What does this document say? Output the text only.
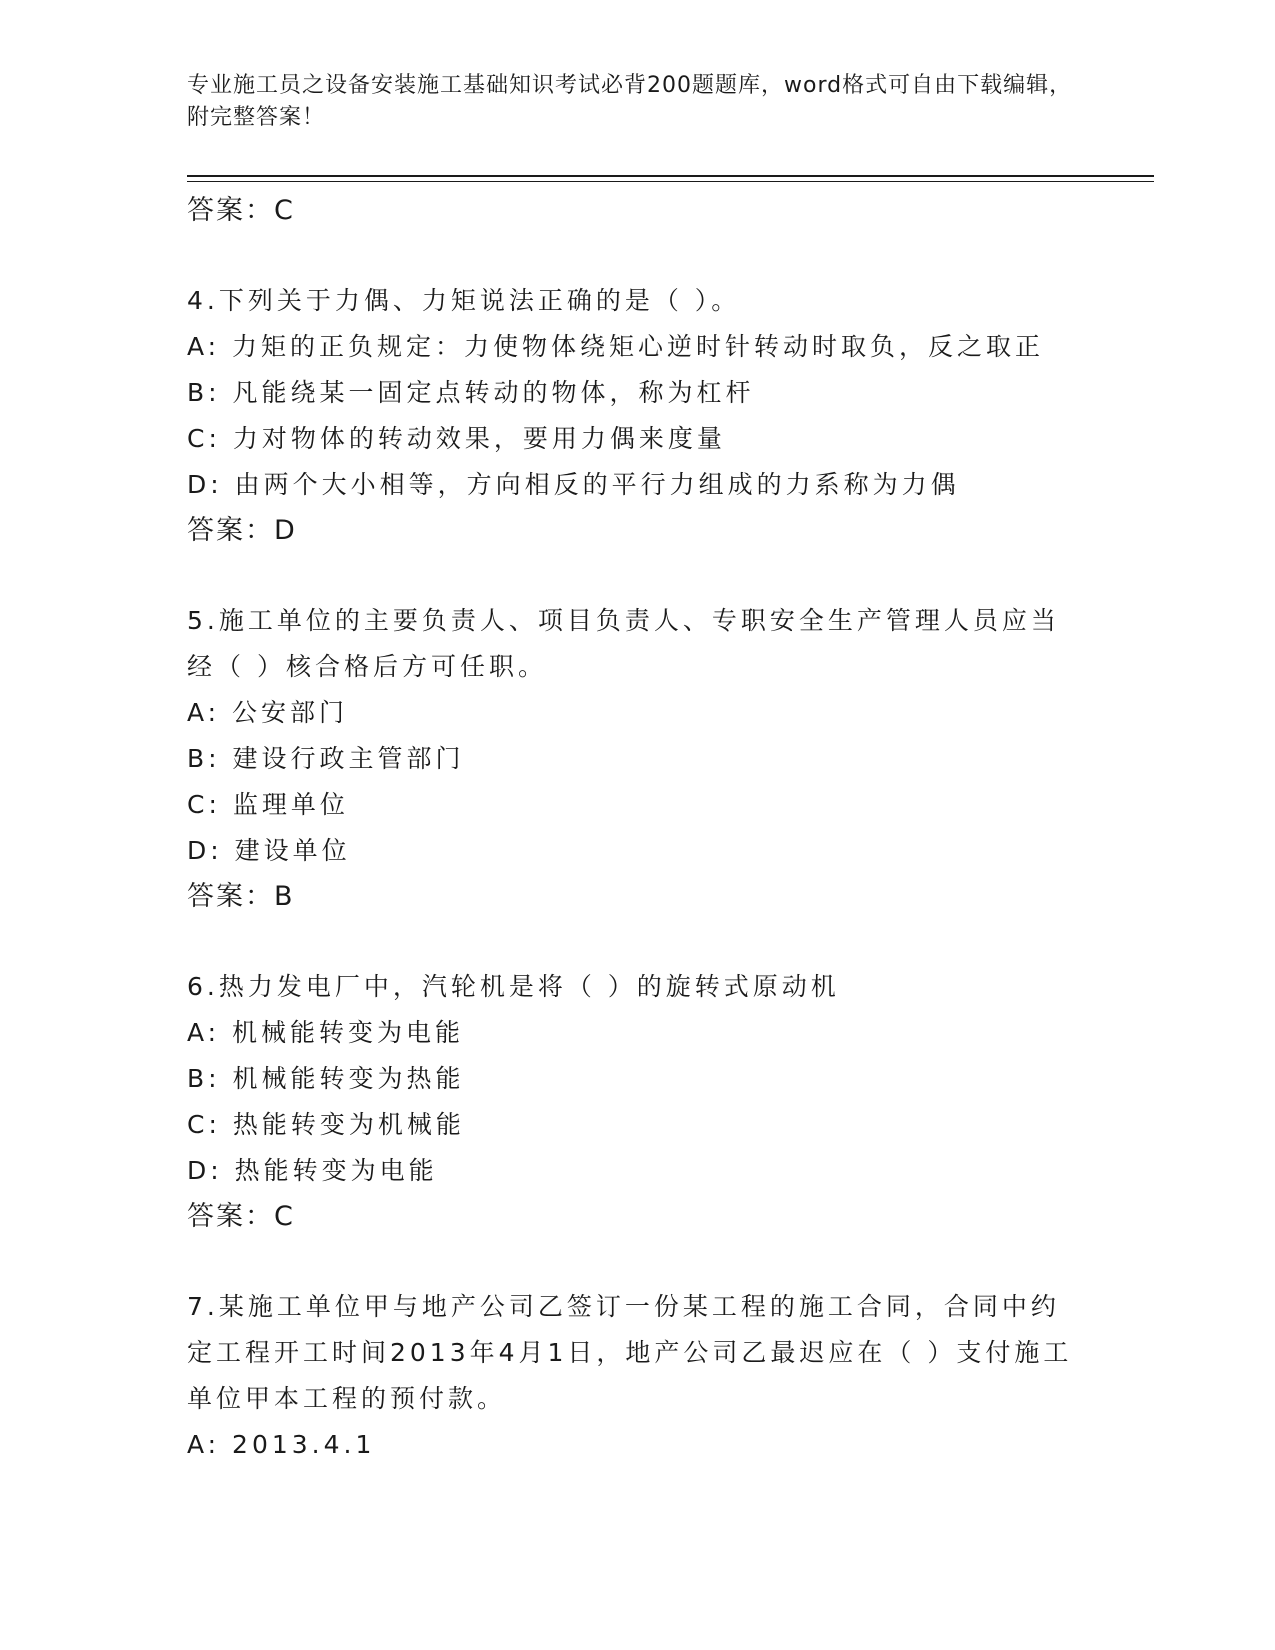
专业施工员之设备安装施工基础知识考试必背200题题库，word格式可自由下载编辑，附完整答案！
答案：C
4.下列关于力偶、力矩说法正确的是（ ）。
A: 力矩的正负规定：力使物体绕矩心逆时针转动时取负，反之取正
B: 凡能绕某一固定点转动的物体，称为杠杆
C: 力对物体的转动效果，要用力偶来度量
D: 由两个大小相等，方向相反的平行力组成的力系称为力偶
答案：D
5.施工单位的主要负责人、项目负责人、专职安全生产管理人员应当经（ ）核合格后方可任职。
A: 公安部门
B: 建设行政主管部门
C: 监理单位
D: 建设单位
答案：B
6.热力发电厂中，汽轮机是将（ ）的旋转式原动机
A: 机械能转变为电能
B: 机械能转变为热能
C: 热能转变为机械能
D: 热能转变为电能
答案：C
7.某施工单位甲与地产公司乙签订一份某工程的施工合同，合同中约定工程开工时间2013年4月1日，地产公司乙最迟应在（ ）支付施工单位甲本工程的预付款。
A: 2013.4.1
